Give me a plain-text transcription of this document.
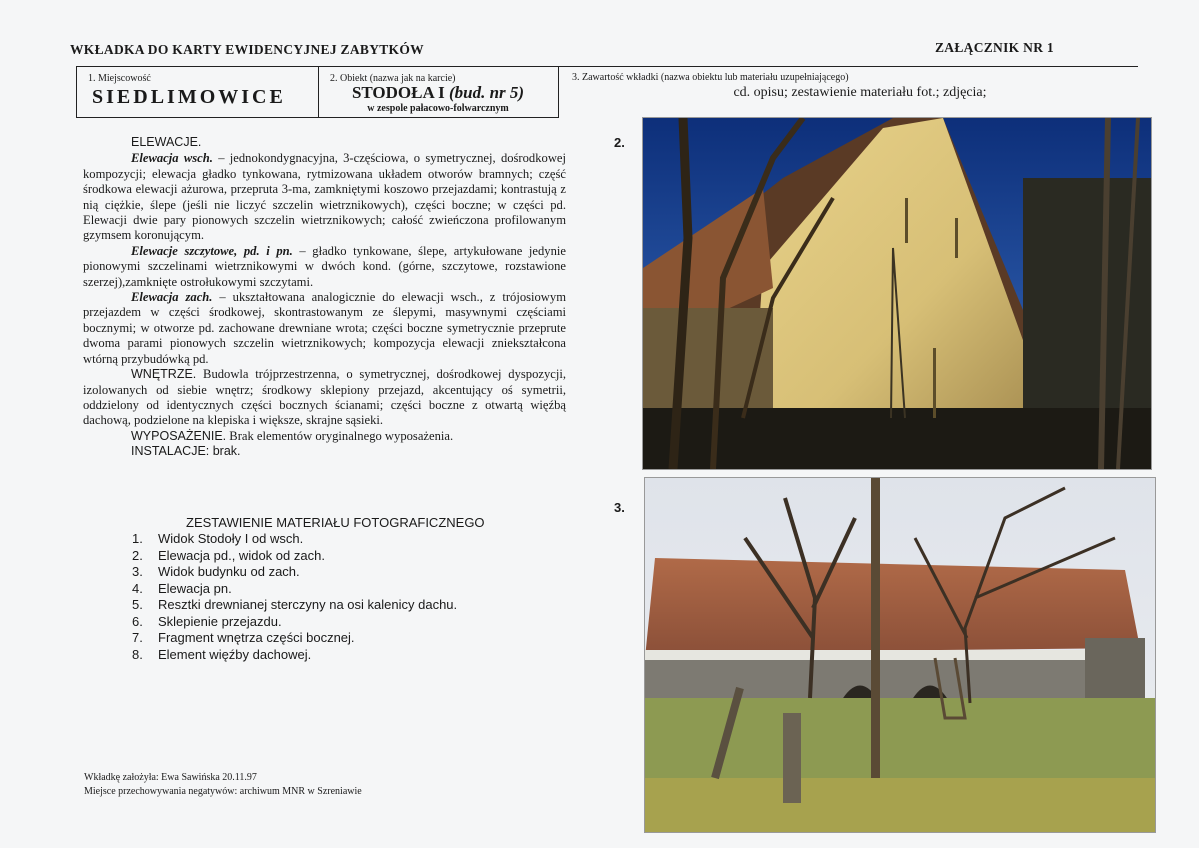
WKŁADKA DO KARTY EWIDENCYJNEJ ZABYTKÓW	ZAŁĄCZNIK NR 1
1. Miejscowość
SIEDLIMOWICE
2. Obiekt (nazwa jak na karcie)
STODOŁA I (bud. nr 5)
w zespole pałacowo-folwarcznym
3. Zawartość wkładki (nazwa obiektu lub materiału uzupełniającego)
cd. opisu; zestawienie materiału fot.; zdjęcia;

ELEWACJE.

Elewacja wsch. – jednokondygnacyjna, 3-częściowa, o symetrycznej, dośrodkowej kompozycji; elewacja gładko tynkowana, rytmizowana układem otworów bramnych; część środkowa elewacji ażurowa, przepruta 3-ma, zamkniętymi koszowo przejazdami; kontrastują z nią ciężkie, ślepe (jeśli nie liczyć szczelin wietrznikowych), części boczne; w części pd. Elewacji dwie pary pionowych szczelin wietrznikowych; całość zwieńczona profilowanym gzymsem koronującym.

Elewacje szczytowe, pd. i pn. – gładko tynkowane, ślepe, artykułowane jedynie pionowymi szczelinami wietrznikowymi w dwóch kond. (górne, szczytowe, rozstawione szerzej),zamknięte ostrołukowymi szczytami.

Elewacja zach. – ukształtowana analogicznie do elewacji wsch., z trójosiowym przejazdem w części środkowej, skontrastowanym ze ślepymi, masywnymi częściami bocznymi; w otworze pd. zachowane drewniane wrota; części boczne symetrycznie przeprute dwoma parami pionowych szczelin wietrznikowych; kompozycja elewacji zniekształcona wtórną przybudówką pd.

WNĘTRZE. Budowla trójprzestrzenna, o symetrycznej, dośrodkowej dyspozycji, izolowanych od siebie wnętrz; środkowy sklepiony przejazd, akcentujący oś symetrii, oddzielony od identycznych części bocznych ścianami; części boczne z otwartą więźbą dachową, podzielone na klepiska i większe, skrajne sąsieki.

WYPOSAŻENIE. Brak elementów oryginalnego wyposażenia.

INSTALACJE: brak.

ZESTAWIENIE MATERIAŁU FOTOGRAFICZNEGO
1.	Widok Stodoły I od wsch.
2.	Elewacja pd., widok od zach.
3.	Widok budynku od zach.
4.	Elewacja pn.
5.	Resztki drewnianej sterczyny na osi kalenicy dachu.
6.	Sklepienie przejazdu.
7.	Fragment wnętrza części bocznej.
8.	Element więźby dachowej.
Wkładkę założyła: Ewa Sawińska 20.11.97
Miejsce przechowywania negatywów: archiwum MNR w Szreniawie
2.
3.
